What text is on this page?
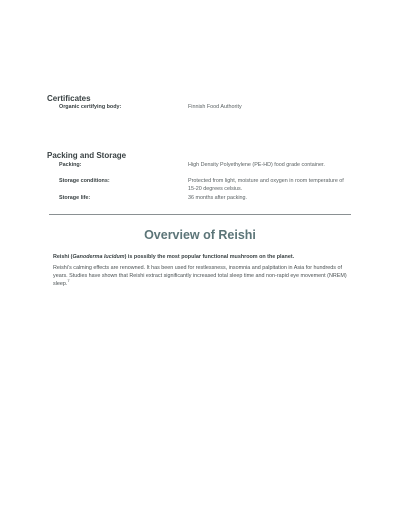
Certificates
Organic certifying body:	Finnish Food Authority
Packing and Storage
Packing:	High Density Polyethylene (PE-HD) food grade container.
Storage conditions:	Protected from light, moisture and oxygen in room temperature of 15-20 degrees celsius.
Storage life:	36 months after packing.
Overview of Reishi

Reishi (Ganoderma lucidum) is possibly the most popular functional mushroom on the planet.

Reishi’s calming effects are renowned. It has been used for restlessness, insomnia and palpitation in Asia for hundreds of years. Studies have shown that Reishi extract significantly increased total sleep time and non-rapid eye movement (NREM) sleep.$^7$
